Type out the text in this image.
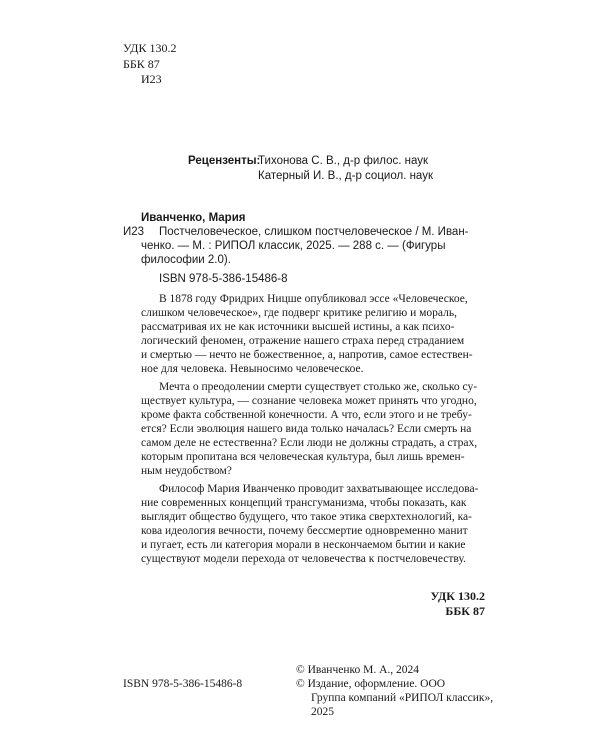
УДК 130.2
ББК 87
И23
Рецензенты:
Тихонова С. В., д-р филос. наук
Катерный И. В., д-р социол. наук
Иванченко, Мария
И23 Постчеловеческое, слишком постчеловеческое / М. Иван-
ченко. — М. : РИПОЛ классик, 2025. — 288 с. — (Фигуры
философии 2.0).
ISBN 978-5-386-15486-8
В 1878 году Фридрих Ницше опубликовал эссе «Человеческое,
слишком человеческое», где подверг критике религию и мораль,
рассматривая их не как источники высшей истины, а как психо-
логический феномен, отражение нашего страха перед страданием
и смертью — нечто не божественное, а, напротив, самое естествен-
ное для человека. Невыносимо человеческое.
Мечта о преодолении смерти существует столько же, сколько су-
ществует культура, — сознание человека может принять что угодно,
кроме факта собственной конечности. А что, если этого и не требу-
ется? Если эволюция нашего вида только началась? Если смерть на
самом деле не естественна? Если люди не должны страдать, а страх,
которым пропитана вся человеческая культура, был лишь времен-
ным неудобством?
Философ Мария Иванченко проводит захватывающее исследова-
ние современных концепций трансгуманизма, чтобы показать, как
выглядит общество будущего, что такое этика сверхтехнологий, ка-
кова идеология вечности, почему бессмертие одновременно манит
и пугает, есть ли категория морали в нескончаемом бытии и какие
существуют модели перехода от человечества к постчеловечеству.
УДК 130.2
ББК 87
ISBN 978-5-386-15486-8
© Иванченко М. А., 2024
© Издание, оформление. ООО
Группа компаний «РИПОЛ классик»,
2025
